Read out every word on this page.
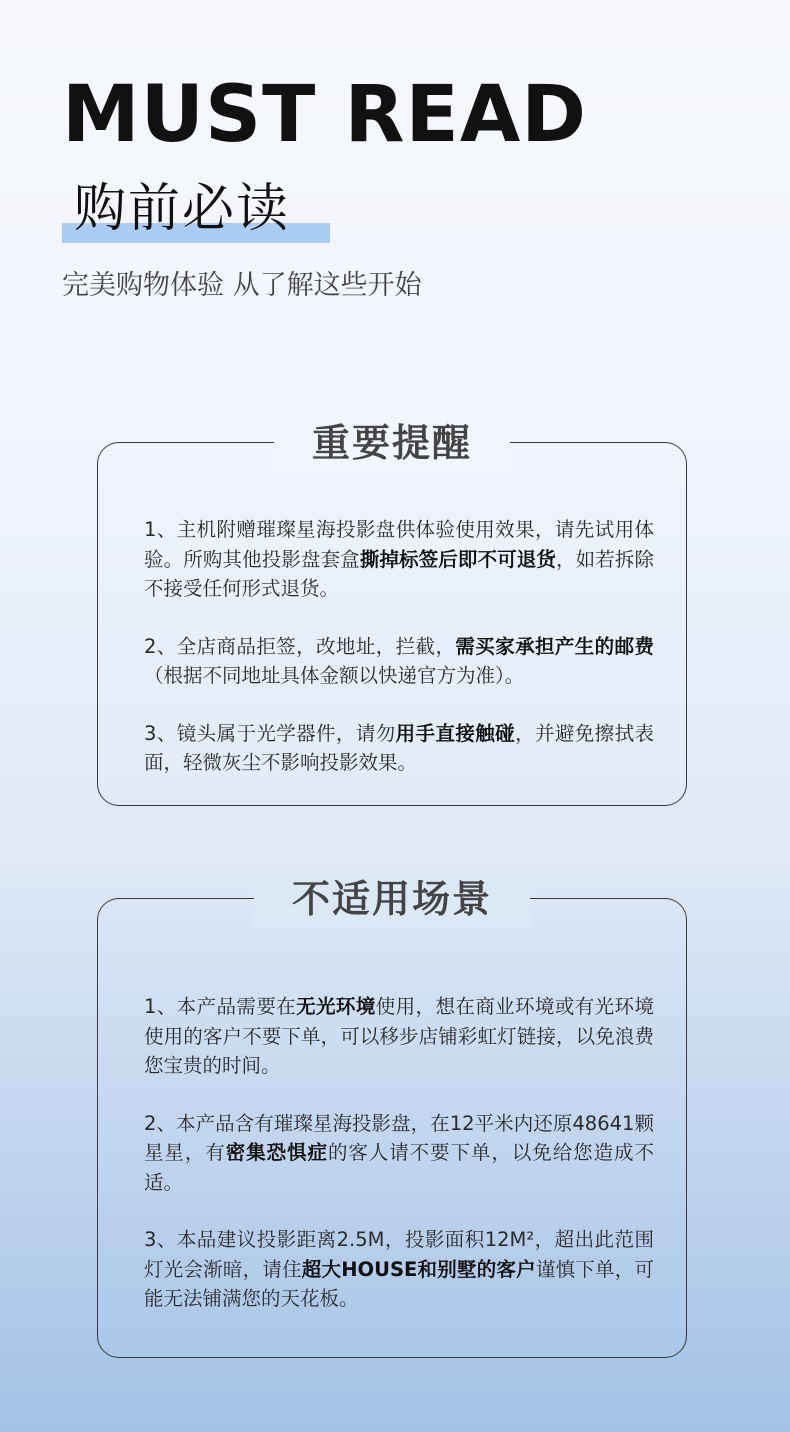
MUST READ
购前必读

完美购物体验 从了解这些开始

重要提醒

1、主机附赠璀璨星海投影盘供体验使用效果，请先试用体验。所购其他投影盘套盒撕掉标签后即不可退货，如若拆除不接受任何形式退货。

2、全店商品拒签，改地址，拦截，需买家承担产生的邮费（根据不同地址具体金额以快递官方为准）。

3、镜头属于光学器件，请勿用手直接触碰，并避免擦拭表面，轻微灰尘不影响投影效果。

不适用场景

1、本产品需要在无光环境使用，想在商业环境或有光环境使用的客户不要下单，可以移步店铺彩虹灯链接，以免浪费您宝贵的时间。

2、本产品含有璀璨星海投影盘，在12平米内还原48641颗星星，有密集恐惧症的客人请不要下单，以免给您造成不适。

3、本品建议投影距离2.5M，投影面积12M²，超出此范围灯光会渐暗，请住超大HOUSE和别墅的客户谨慎下单，可能无法铺满您的天花板。
